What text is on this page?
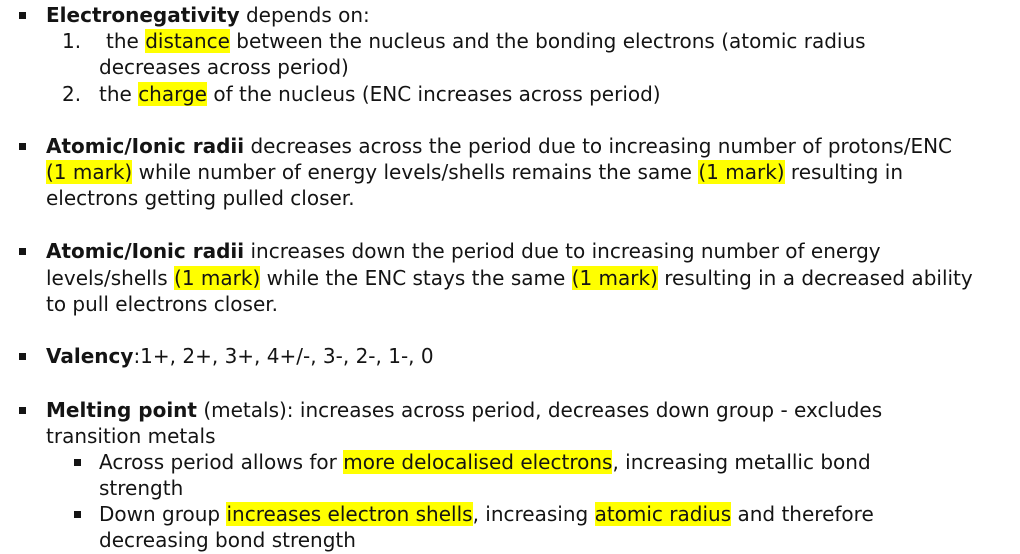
Electronegativity depends on:
1. the distance between the nucleus and the bonding electrons (atomic radius
decreases across period)
2. the charge of the nucleus (ENC increases across period)
Atomic/Ionic radii decreases across the period due to increasing number of protons/ENC
(1 mark) while number of energy levels/shells remains the same (1 mark) resulting in
electrons getting pulled closer.
Atomic/Ionic radii increases down the period due to increasing number of energy
levels/shells (1 mark) while the ENC stays the same (1 mark) resulting in a decreased ability
to pull electrons closer.
Valency:1+, 2+, 3+, 4+/-, 3-, 2-, 1-, 0
Melting point (metals): increases across period, decreases down group - excludes
transition metals
Across period allows for more delocalised electrons, increasing metallic bond
strength
Down group increases electron shells, increasing atomic radius and therefore
decreasing bond strength
